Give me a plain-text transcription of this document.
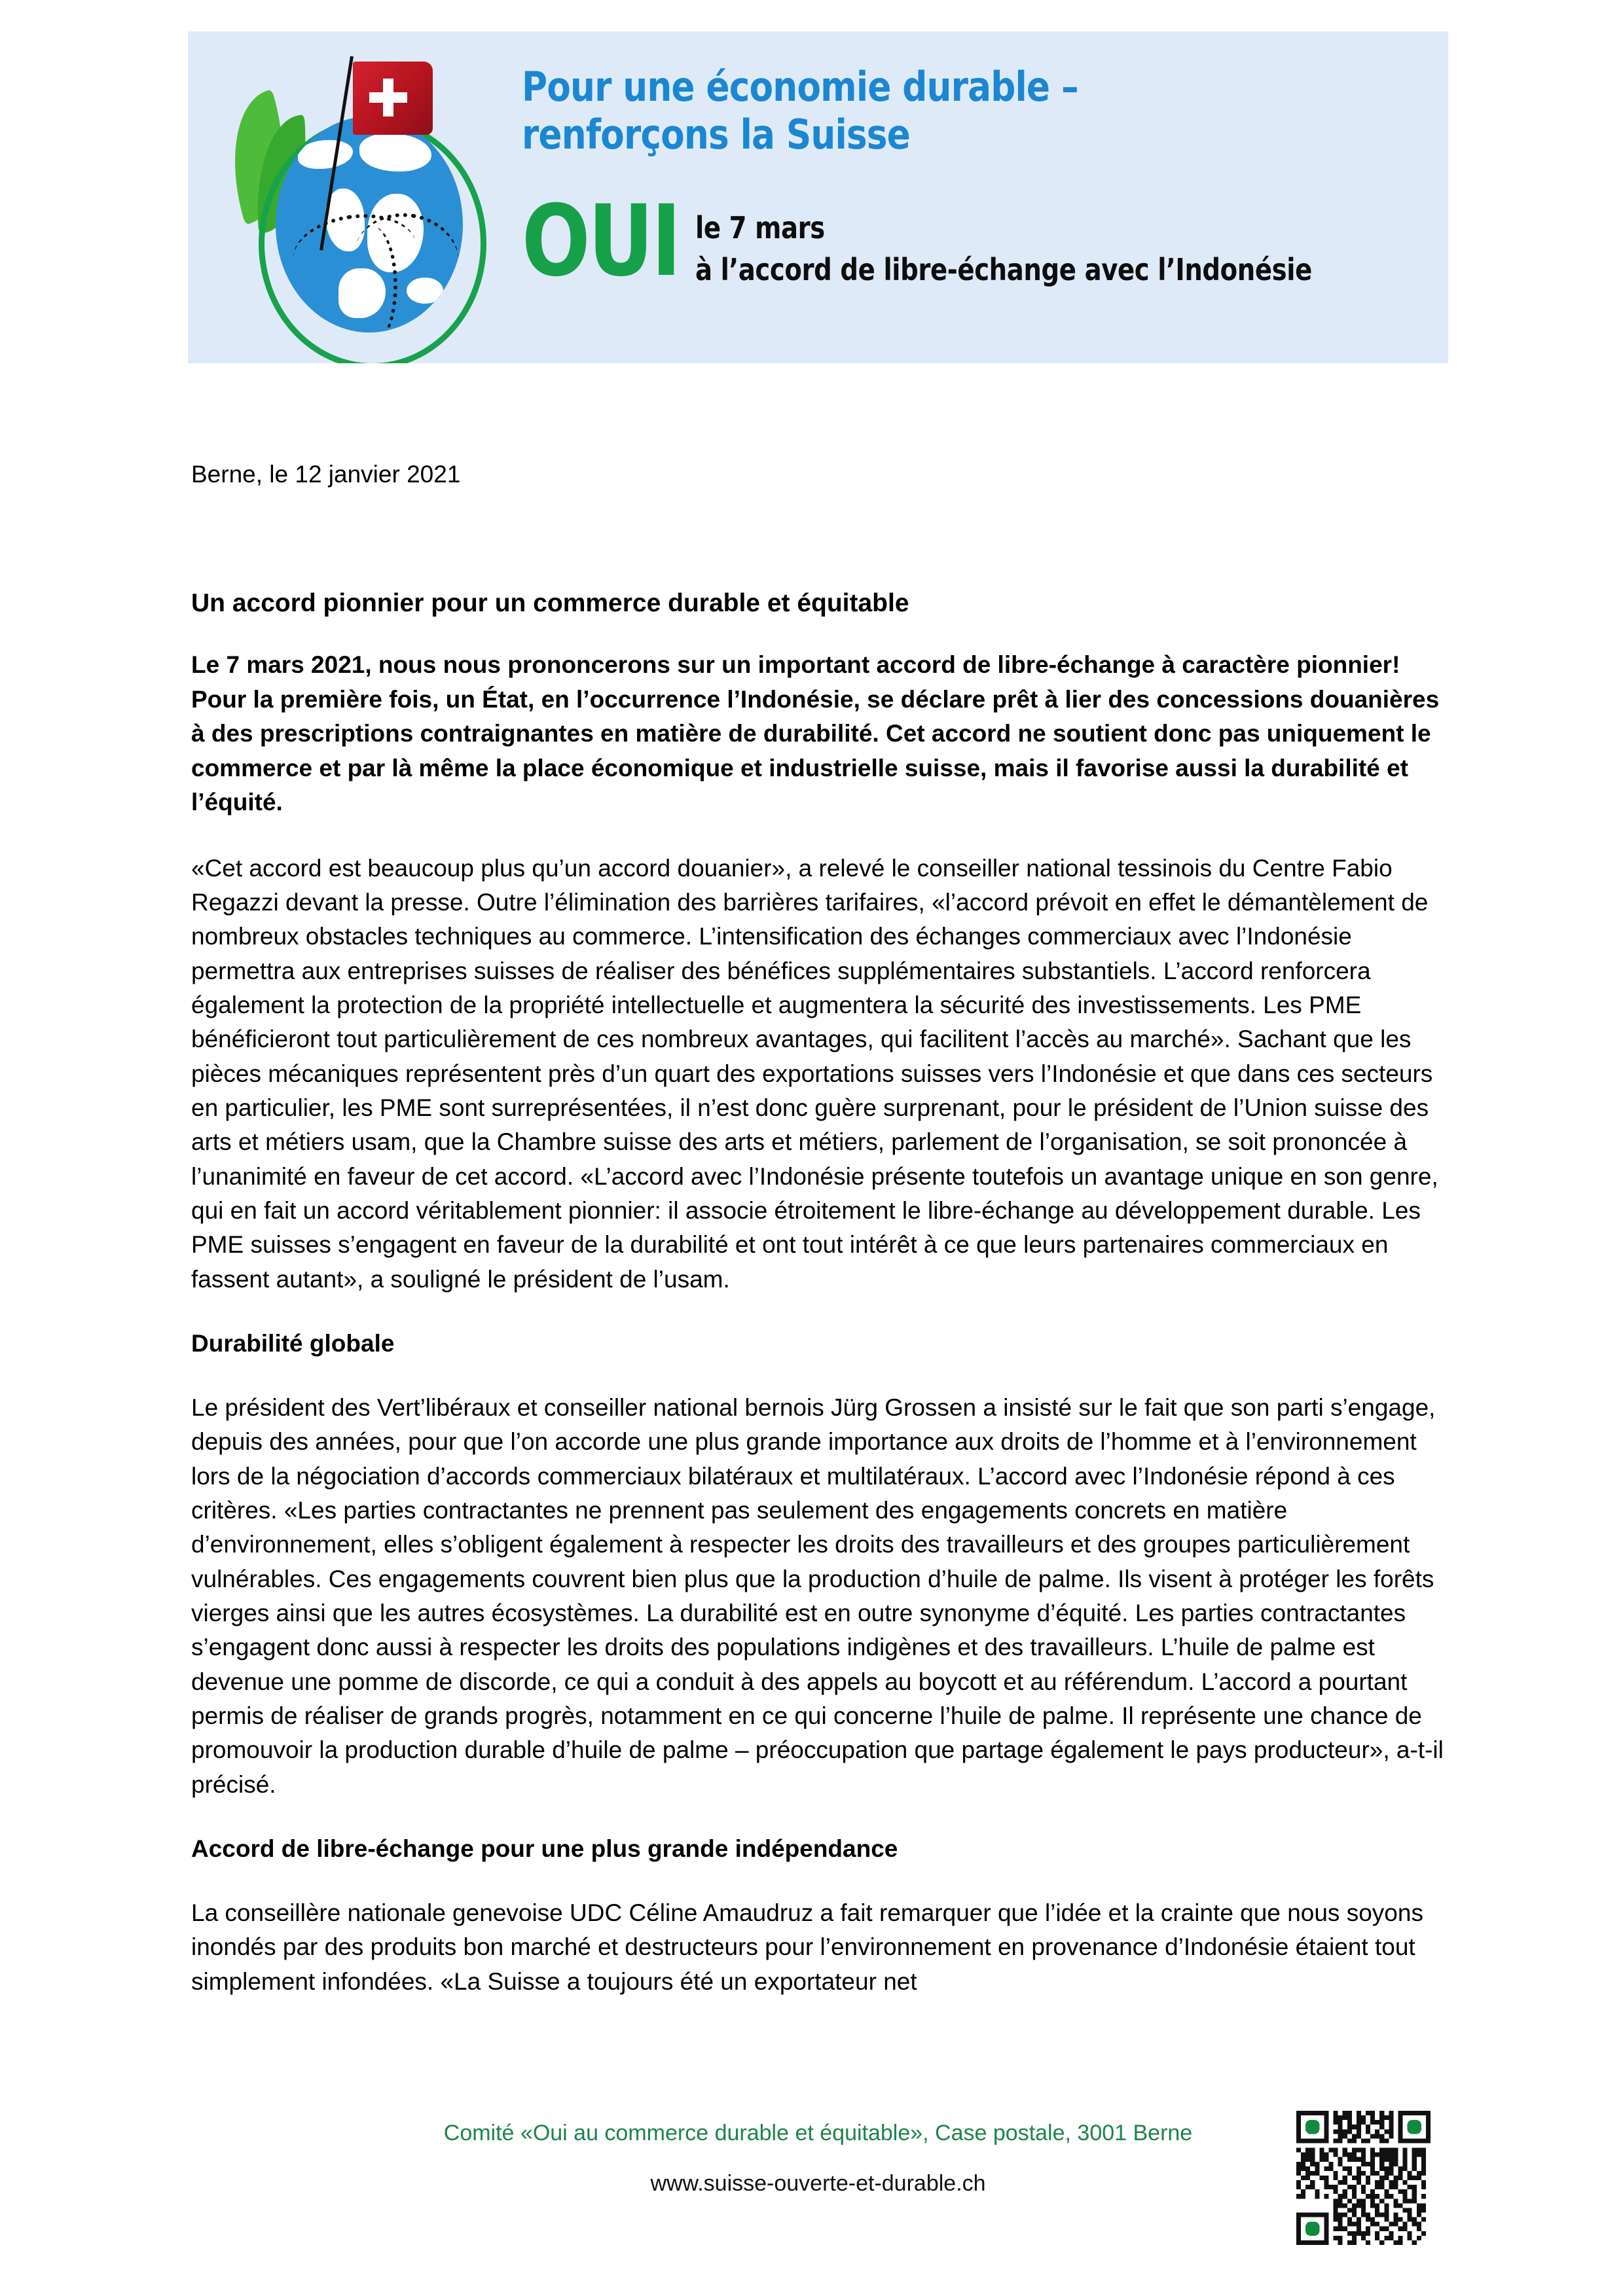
Pour une économie durable –
renforçons la Suisse
OUI le 7 mars
à l’accord de libre-échange avec l’Indonésie
Berne, le 12 janvier 2021
Un accord pionnier pour un commerce durable et équitable

Le 7 mars 2021, nous nous prononcerons sur un important accord de libre-échange à caractère pionnier! Pour la première fois, un État, en l’occurrence l’Indonésie, se déclare prêt à lier des concessions douanières à des prescriptions contraignantes en matière de durabilité. Cet accord ne soutient donc pas uniquement le commerce et par là même la place économique et industrielle suisse, mais il favorise aussi la durabilité et l’équité.

«Cet accord est beaucoup plus qu’un accord douanier», a relevé le conseiller national tessinois du Centre Fabio Regazzi devant la presse. Outre l’élimination des barrières tarifaires, «l’accord prévoit en effet le démantèlement de nombreux obstacles techniques au commerce. L’intensification des échanges commerciaux avec l’Indonésie permettra aux entreprises suisses de réaliser des bénéfices supplémentaires substantiels. L’accord renforcera également la protection de la propriété intellectuelle et augmentera la sécurité des investissements. Les PME bénéficieront tout particulièrement de ces nombreux avantages, qui facilitent l’accès au marché». Sachant que les pièces mécaniques représentent près d’un quart des exportations suisses vers l’Indonésie et que dans ces secteurs en particulier, les PME sont surreprésentées, il n’est donc guère surprenant, pour le président de l’Union suisse des arts et métiers usam, que la Chambre suisse des arts et métiers, parlement de l’organisation, se soit prononcée à l’unanimité en faveur de cet accord. «L’accord avec l’Indonésie présente toutefois un avantage unique en son genre, qui en fait un accord véritablement pionnier: il associe étroitement le libre-échange au développement durable. Les PME suisses s’engagent en faveur de la durabilité et ont tout intérêt à ce que leurs partenaires commerciaux en fassent autant», a souligné le président de l’usam.

Durabilité globale

Le président des Vert’libéraux et conseiller national bernois Jürg Grossen a insisté sur le fait que son parti s’engage, depuis des années, pour que l’on accorde une plus grande importance aux droits de l’homme et à l’environnement lors de la négociation d’accords commerciaux bilatéraux et multilatéraux. L’accord avec l’Indonésie répond à ces critères. «Les parties contractantes ne prennent pas seulement des engagements concrets en matière d’environnement, elles s’obligent également à respecter les droits des travailleurs et des groupes particulièrement vulnérables. Ces engagements couvrent bien plus que la production d’huile de palme. Ils visent à protéger les forêts vierges ainsi que les autres écosystèmes. La durabilité est en outre synonyme d’équité. Les parties contractantes s’engagent donc aussi à respecter les droits des populations indigènes et des travailleurs. L’huile de palme est devenue une pomme de discorde, ce qui a conduit à des appels au boycott et au référendum. L’accord a pourtant permis de réaliser de grands progrès, notamment en ce qui concerne l’huile de palme. Il représente une chance de promouvoir la production durable d’huile de palme – préoccupation que partage également le pays producteur», a-t-il précisé.

Accord de libre-échange pour une plus grande indépendance

La conseillère nationale genevoise UDC Céline Amaudruz a fait remarquer que l’idée et la crainte que nous soyons inondés par des produits bon marché et destructeurs pour l’environnement en provenance d’Indonésie étaient tout simplement infondées. «La Suisse a toujours été un exportateur net

Comité «Oui au commerce durable et équitable», Case postale, 3001 Berne
www.suisse-ouverte-et-durable.ch
